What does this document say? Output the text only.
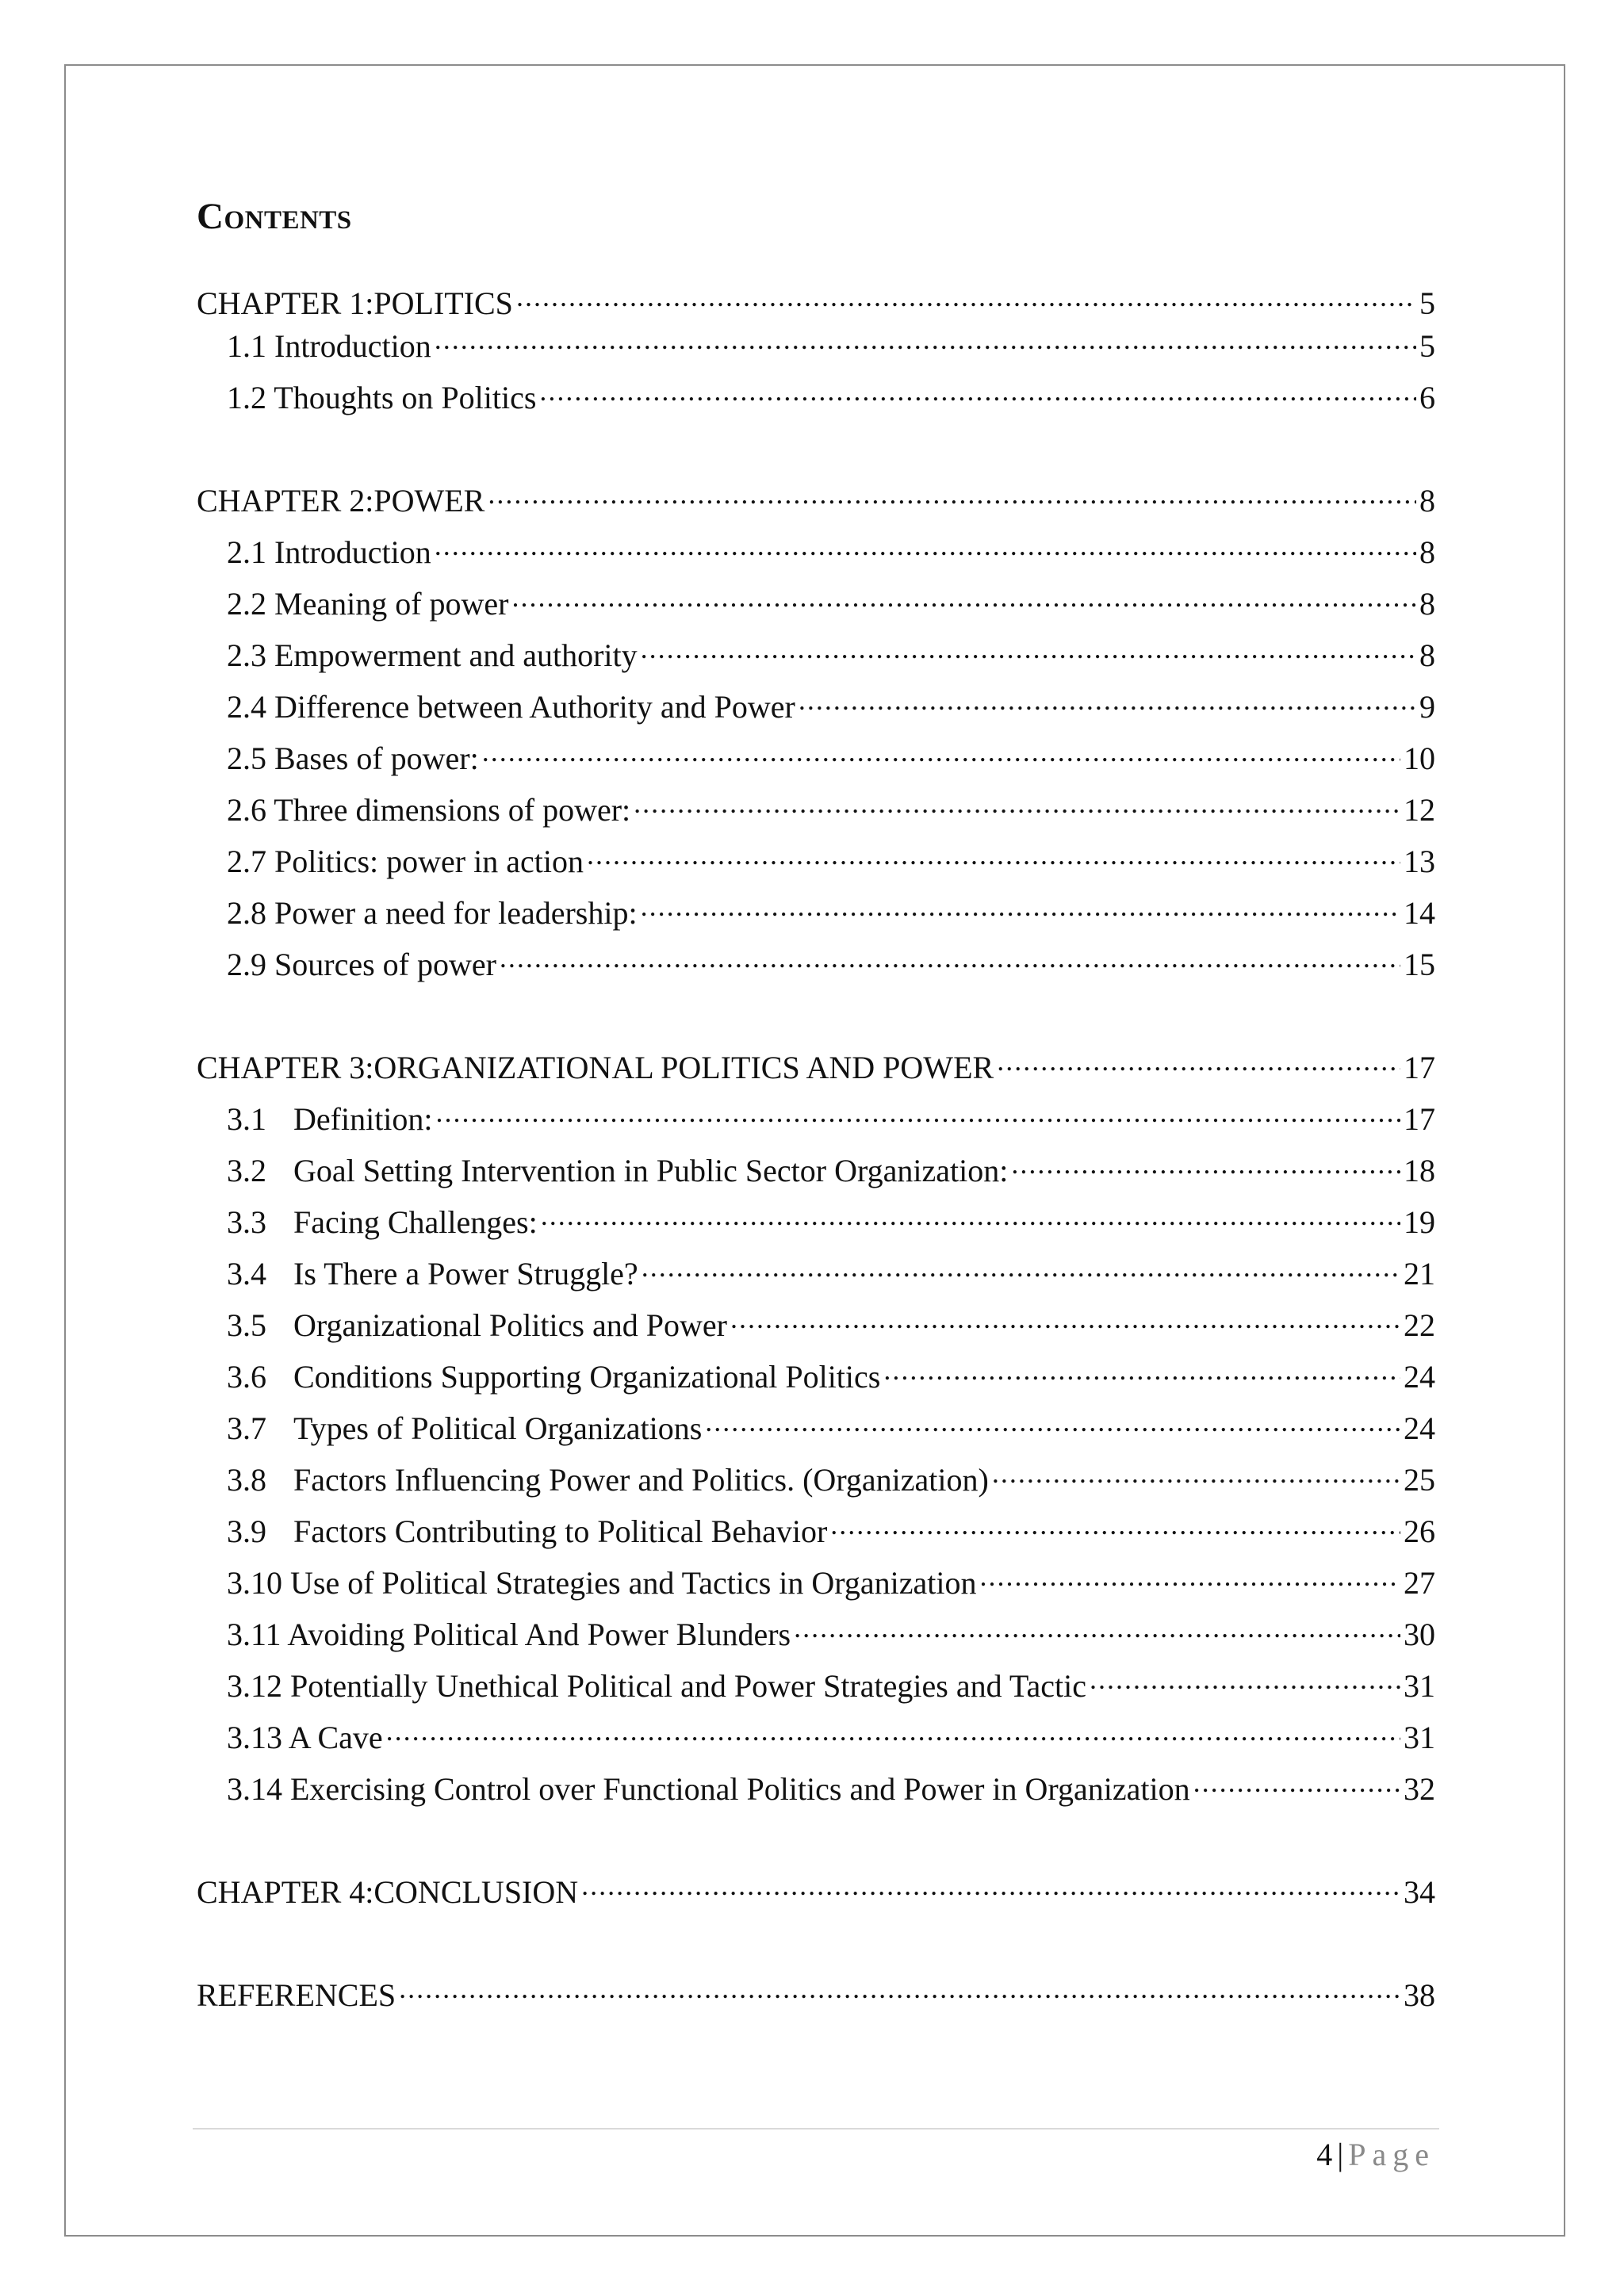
Contents
CHAPTER 1:POLITICS .....	5
1.1 Introduction .....	5
1.2 Thoughts on Politics .....	6
CHAPTER 2:POWER .....	8
2.1 Introduction .....	8
2.2 Meaning of power .....	8
2.3 Empowerment and authority .....	8
2.4 Difference between Authority and Power .....	9
2.5 Bases of power: .....	10
2.6 Three dimensions of power: .....	12
2.7 Politics: power in action .....	13
2.8 Power a need for leadership: .....	14
2.9 Sources of power .....	15
CHAPTER 3:ORGANIZATIONAL POLITICS AND POWER .....	17
3.1 Definition: .....	17
3.2 Goal Setting Intervention in Public Sector Organization: .....	18
3.3 Facing Challenges: .....	19
3.4 Is There a Power Struggle? .....	21
3.5 Organizational Politics and Power .....	22
3.6 Conditions Supporting Organizational Politics .....	24
3.7 Types of Political Organizations .....	24
3.8 Factors Influencing Power and Politics. (Organization) .....	25
3.9 Factors Contributing to Political Behavior .....	26
3.10 Use of Political Strategies and Tactics in Organization .....	27
3.11 Avoiding Political And Power Blunders .....	30
3.12 Potentially Unethical Political and Power Strategies and Tactic .....	31
3.13 A Cave .....	31
3.14 Exercising Control over Functional Politics and Power in Organization .....	32
CHAPTER 4:CONCLUSION .....	34
REFERENCES .....	38
4 | Page
